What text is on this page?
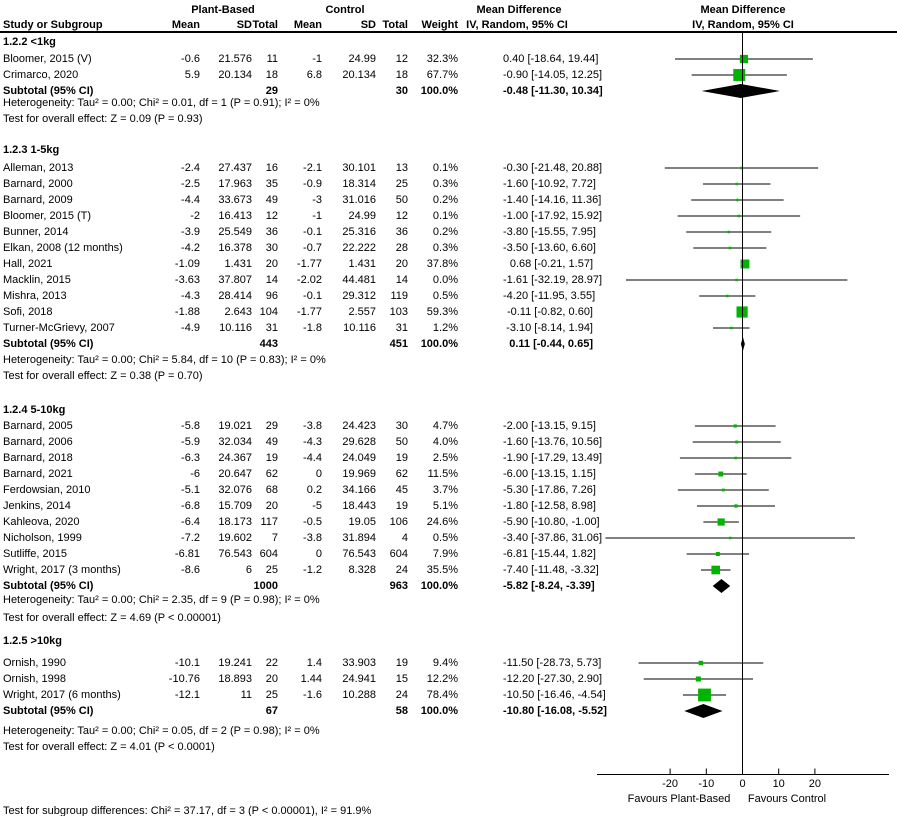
Plant-Based	Control	Mean Difference	Mean Difference
Study or Subgroup	Mean	SD Total	Mean	SD Total	Weight IV, Random, 95% CI	IV, Random, 95% CI
1.2.2 <1kg
Bloomer, 2015 (V)	-0.6	21.576	11	-1	24.99	12	32.3%	0.40 [-18.64, 19.44]
Crimarco, 2020	5.9	20.134	18	6.8	20.134	18	67.7%	-0.90 [-14.05, 12.25]
Subtotal (95% CI)	29	30	100.0%	-0.48 [-11.30, 10.34]
Heterogeneity: Tau² = 0.00; Chi² = 0.01, df = 1 (P = 0.91); I² = 0%
Test for overall effect: Z = 0.09 (P = 0.93)
1.2.3 1-5kg
Alleman, 2013	-2.4	27.437	16	-2.1	30.101	13	0.1%	-0.30 [-21.48, 20.88]
Barnard, 2000	-2.5	17.963	35	-0.9	18.314	25	0.3%	-1.60 [-10.92, 7.72]
Barnard, 2009	-4.4	33.673	49	-3	31.016	50	0.2%	-1.40 [-14.16, 11.36]
Bloomer, 2015 (T)	-2	16.413	12	-1	24.99	12	0.1%	-1.00 [-17.92, 15.92]
Bunner, 2014	-3.9	25.549	36	-0.1	25.316	36	0.2%	-3.80 [-15.55, 7.95]
Elkan, 2008 (12 months)	-4.2	16.378	30	-0.7	22.222	28	0.3%	-3.50 [-13.60, 6.60]
Hall, 2021	-1.09	1.431	20	-1.77	1.431	20	37.8%	0.68 [-0.21, 1.57]
Macklin, 2015	-3.63	37.807	14	-2.02	44.481	14	0.0%	-1.61 [-32.19, 28.97]
Mishra, 2013	-4.3	28.414	96	-0.1	29.312	119	0.5%	-4.20 [-11.95, 3.55]
Sofi, 2018	-1.88	2.643 104	-1.77	2.557	103	59.3%	-0.11 [-0.82, 0.60]
Turner-McGrievy, 2007	-4.9	10.116	31	-1.8	10.116	31	1.2%	-3.10 [-8.14, 1.94]
Subtotal (95% CI)	443	451	100.0%	0.11 [-0.44, 0.65]
Heterogeneity: Tau² = 0.00; Chi² = 5.84, df = 10 (P = 0.83); I² = 0%
Test for overall effect: Z = 0.38 (P = 0.70)
1.2.4 5-10kg
Barnard, 2005	-5.8	19.021	29	-3.8	24.423	30	4.7%	-2.00 [-13.15, 9.15]
Barnard, 2006	-5.9	32.034	49	-4.3	29.628	50	4.0%	-1.60 [-13.76, 10.56]
Barnard, 2018	-6.3	24.367	19	-4.4	24.049	19	2.5%	-1.90 [-17.29, 13.49]
Barnard, 2021	-6	20.647	62	0	19.969	62	11.5%	-6.00 [-13.15, 1.15]
Ferdowsian, 2010	-5.1	32.076	68	0.2	34.166	45	3.7%	-5.30 [-17.86, 7.26]
Jenkins, 2014	-6.8	15.709	20	-5	18.443	19	5.1%	-1.80 [-12.58, 8.98]
Kahleova, 2020	-6.4	18.173 117	-0.5	19.05	106	24.6%	-5.90 [-10.80, -1.00]
Nicholson, 1999	-7.2	19.602	7	-3.8	31.894	4	0.5%	-3.40 [-37.86, 31.06]
Sutliffe, 2015	-6.81	76.543 604	0	76.543	604	7.9%	-6.81 [-15.44, 1.82]
Wright, 2017 (3 months)	-8.6	6	25	-1.2	8.328	24	35.5%	-7.40 [-11.48, -3.32]
Subtotal (95% CI)	1000	963	100.0%	-5.82 [-8.24, -3.39]
Heterogeneity: Tau² = 0.00; Chi² = 2.35, df = 9 (P = 0.98); I² = 0%
Test for overall effect: Z = 4.69 (P < 0.00001)
1.2.5 >10kg
Ornish, 1990	-10.1	19.241	22	1.4	33.903	19	9.4%	-11.50 [-28.73, 5.73]
Ornish, 1998	-10.76	18.893	20	1.44	24.941	15	12.2%	-12.20 [-27.30, 2.90]
Wright, 2017 (6 months)	-12.1	11	25	-1.6	10.288	24	78.4%	-10.50 [-16.46, -4.54]
Subtotal (95% CI)	67	58	100.0%	-10.80 [-16.08, -5.52]
Heterogeneity: Tau² = 0.00; Chi² = 0.05, df = 2 (P = 0.98); I² = 0%
Test for overall effect: Z = 4.01 (P < 0.0001)
Test for subgroup differences: Chi² = 37.17, df = 3 (P < 0.00001), I² = 91.9%
-20 -10 0 10 20
Favours Plant-Based Favours Control
